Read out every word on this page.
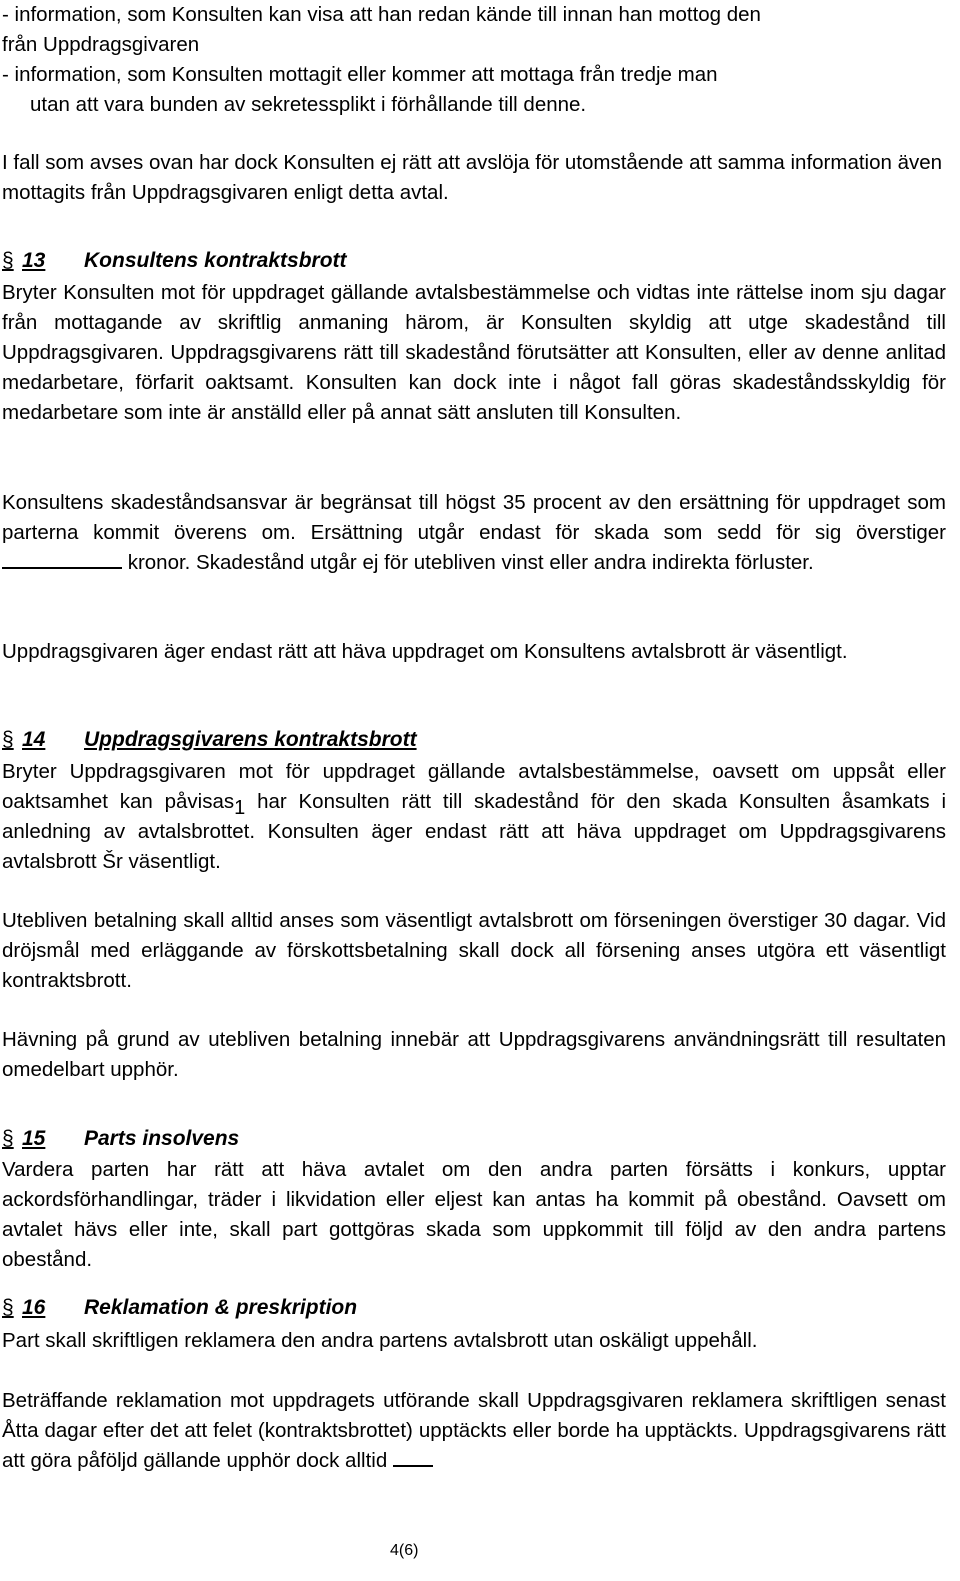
- information, som Konsulten kan visa att han redan kände till innan han mottog den
från Uppdragsgivaren
- information, som Konsulten mottagit eller kommer att mottaga från tredje man
utan att vara bunden av sekretessplikt i förhållande till denne.
I fall som avses ovan har dock Konsulten ej rätt att avslöja för utomstående att samma information även mottagits från Uppdragsgivaren enligt detta avtal.
§ 13 Konsultens kontraktsbrott
Bryter Konsulten mot för uppdraget gällande avtalsbestämmelse och vidtas inte rättelse inom sju dagar från mottagande av skriftlig anmaning härom, är Konsulten skyldig att utge skadestånd till Uppdragsgivaren. Uppdragsgivarens rätt till skadestånd förutsätter att Konsulten, eller av denne anlitad medarbetare, förfarit oaktsamt. Konsulten kan dock inte i något fall göras skadeståndsskyldig för medarbetare som inte är anställd eller på annat sätt ansluten till Konsulten.
Konsultens skadeståndsansvar är begränsat till högst 35 procent av den ersättning för uppdraget som parterna kommit överens om. Ersättning utgår endast för skada som sedd för sig överstiger  kronor. Skadestånd utgår ej för utebliven vinst eller andra indirekta förluster.
Uppdragsgivaren äger endast rätt att häva uppdraget om Konsultens avtalsbrott är väsentligt.
§ 14 Uppdragsgivarens kontraktsbrott
Bryter Uppdragsgivaren mot för uppdraget gällande avtalsbestämmelse, oavsett om uppsåt eller oaktsamhet kan påvisas$_1$ har Konsulten rätt till skadestånd för den skada Konsulten åsamkats i anledning av avtalsbrottet. Konsulten äger endast rätt att häva uppdraget om Uppdragsgivarens avtalsbrott Šr väsentligt.
Utebliven betalning skall alltid anses som väsentligt avtalsbrott om förseningen överstiger 30 dagar. Vid dröjsmål med erläggande av förskottsbetalning skall dock all försening anses utgöra ett väsentligt kontraktsbrott.
Hävning på grund av utebliven betalning innebär att Uppdragsgivarens användningsrätt till resultaten omedelbart upphör.
§ 15 Parts insolvens
Vardera parten har rätt att häva avtalet om den andra parten försätts i konkurs, upptar ackordsförhandlingar, träder i likvidation eller eljest kan antas ha kommit på obestånd. Oavsett om avtalet hävs eller inte, skall part gottgöras skada som uppkommit till följd av den andra partens obestånd.
§ 16 Reklamation & preskription
Part skall skriftligen reklamera den andra partens avtalsbrott utan oskäligt uppehåll.
Beträffande reklamation mot uppdragets utförande skall Uppdragsgivaren reklamera skriftligen senast Åtta dagar efter det att felet (kontraktsbrottet) upptäckts eller borde ha upptäckts. Uppdragsgivarens rätt att göra påföljd gällande upphör dock alltid
4(6)
